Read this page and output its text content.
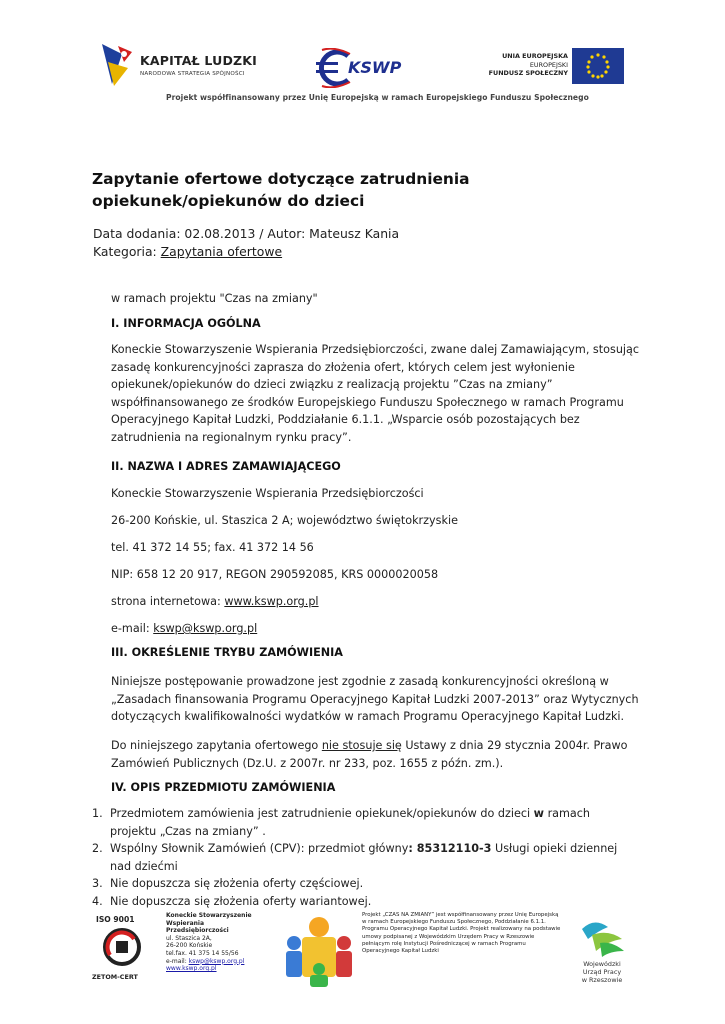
KAPITAŁ LUDZKI
NARODOWA STRATEGIA SPÓJNOŚCI	KSWP
UNIA EUROPEJSKA
EUROPEJSKI
FUNDUSZ SPOŁECZNY
Projekt współfinansowany przez Unię Europejską w ramach Europejskiego Funduszu Społecznego
Zapytanie ofertowe dotyczące zatrudnienia opiekunek/opiekunów do dzieci
Data dodania: 02.08.2013 / Autor: Mateusz Kania
Kategoria: Zapytania ofertowe
w ramach projektu "Czas na zmiany"
I. INFORMACJA OGÓLNA
Koneckie Stowarzyszenie Wspierania Przedsiębiorczości, zwane dalej Zamawiającym, stosując zasadę konkurencyjności zaprasza do złożenia ofert, których celem jest wyłonienie opiekunek/opiekunów do dzieci związku z realizacją projektu ”Czas na zmiany” współfinansowanego ze środków Europejskiego Funduszu Społecznego w ramach Programu Operacyjnego Kapitał Ludzki, Poddziałanie 6.1.1. „Wsparcie osób pozostających bez zatrudnienia na regionalnym rynku pracy”.
II. NAZWA I ADRES ZAMAWIAJĄCEGO
Koneckie Stowarzyszenie Wspierania Przedsiębiorczości
26-200 Końskie, ul. Staszica 2 A; województwo świętokrzyskie
tel. 41 372 14 55; fax. 41 372 14 56
NIP: 658 12 20 917, REGON 290592085, KRS 0000020058
strona internetowa: www.kswp.org.pl
e-mail: kswp@kswp.org.pl
III. OKREŚLENIE TRYBU ZAMÓWIENIA
Niniejsze postępowanie prowadzone jest zgodnie z zasadą konkurencyjności określoną w „Zasadach finansowania Programu Operacyjnego Kapitał Ludzki 2007-2013” oraz Wytycznych dotyczących kwalifikowalności wydatków w ramach Programu Operacyjnego Kapitał Ludzki.
Do niniejszego zapytania ofertowego nie stosuje się Ustawy z dnia 29 stycznia 2004r. Prawo Zamówień Publicznych (Dz.U. z 2007r. nr 233, poz. 1655 z późn. zm.).
IV. OPIS PRZEDMIOTU ZAMÓWIENIA
1. Przedmiotem zamówienia jest zatrudnienie opiekunek/opiekunów do dzieci w ramach projektu „Czas na zmiany” .
2. Wspólny Słownik Zamówień (CPV): przedmiot główny: 85312110-3 Usługi opieki dziennej nad dziećmi
3. Nie dopuszcza się złożenia oferty częściowej.
4. Nie dopuszcza się złożenia oferty wariantowej.
ISO 9001
ZETOM-CERT
Koneckie Stowarzyszenie
Wspierania Przedsiębiorczości
ul. Staszica 2A,
26-200 Końskie
tel.fax. 41 375 14 55/56
e-mail: kswp@kswp.org.pl
www.kswp.org.pl
Projekt „CZAS NA ZMIANY” jest współfinansowany przez Unię Europejską w ramach Europejskiego Funduszu Społecznego, Poddziałanie 6.1.1. Programu Operacyjnego Kapitał Ludzki. Projekt realizowany na podstawie umowy podpisanej z Wojewódzkim Urzędem Pracy w Rzeszowie pełniącym rolę Instytucji Pośredniczącej w ramach Programu Operacyjnego Kapitał Ludzki
Wojewódzki
Urząd Pracy
w Rzeszowie
